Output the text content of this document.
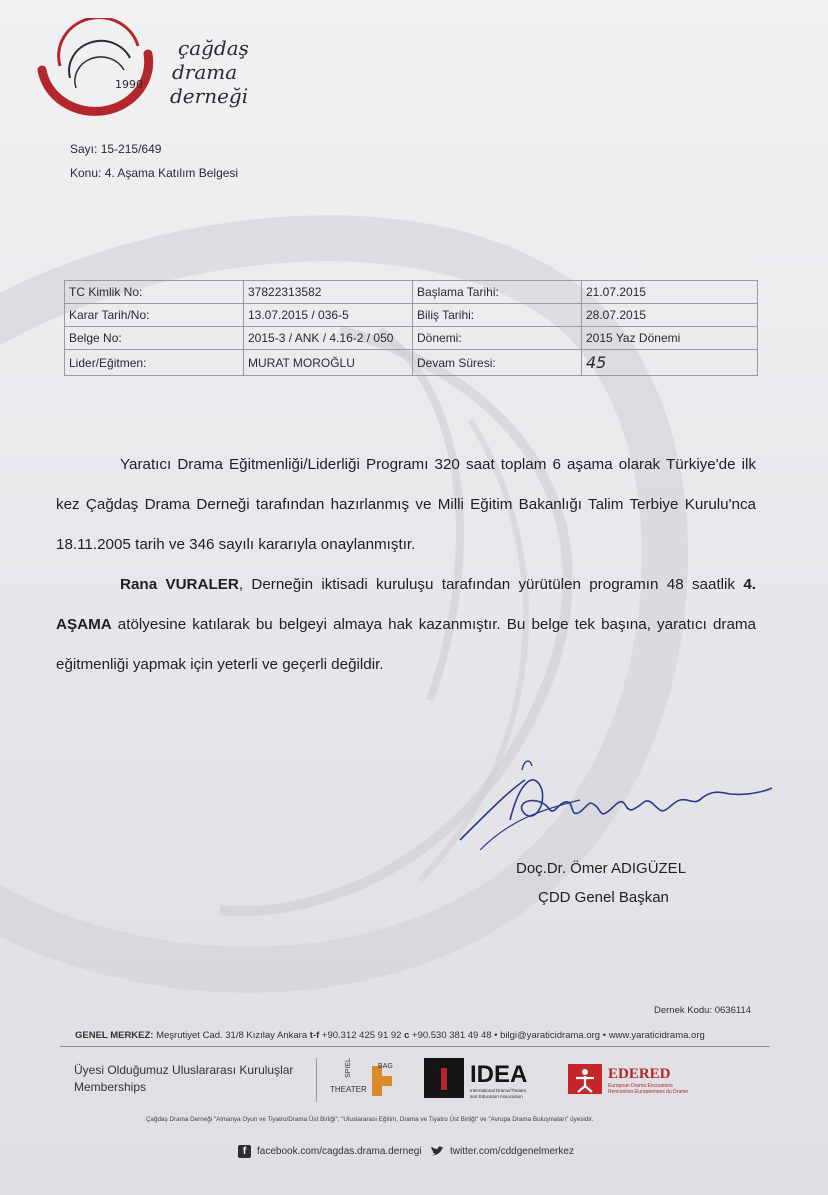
1990
çağdaş
drama
derneği
Sayı: 15-215/649
Konu: 4. Aşama Katılım Belgesi
TC Kimlik No:	37822313582	Başlama Tarihi:	21.07.2015
Karar Tarih/No:	13.07.2015 / 036-5	Biliş Tarihi:	28.07.2015
Belge No:	2015-3 / ANK / 4.16-2 / 050	Dönemi:	2015 Yaz Dönemi
Lider/Eğitmen:	MURAT MOROĞLU	Devam Süresi:	45
Yaratıcı Drama Eğitmenliği/Liderliği Programı 320 saat toplam 6 aşama olarak Türkiye'de ilk kez Çağdaş Drama Derneği tarafından hazırlanmış ve Milli Eğitim Bakanlığı Talim Terbiye Kurulu'nca 18.11.2005 tarih ve 346 sayılı kararıyla onaylanmıştır.
Rana VURALER, Derneğin iktisadi kuruluşu tarafından yürütülen programın 48 saatlik 4. AŞAMA atölyesine katılarak bu belgeyi almaya hak kazanmıştır. Bu belge tek başına, yaratıcı drama eğitmenliği yapmak için yeterli ve geçerli değildir.
Doç.Dr. Ömer ADIGÜZEL
ÇDD Genel Başkan
Dernek Kodu: 0636114
GENEL MERKEZ: Meşrutiyet Cad. 31/8 Kızılay Ankara t-f +90.312 425 91 92 c +90.530 381 49 48 • bilgi@yaraticidrama.org • www.yaraticidrama.org
Üyesi Olduğumuz Uluslararası Kuruluşlar
Memberships	THEATER
SPIEL	BAG	IDEA
International Drama/Theatre
and Education Association
EDERED
European Drama Encounters
Rencontres Européennes du Drame
Çağdaş Drama Derneği "Almanya Oyun ve Tiyatro/Drama Üst Birliği", "Uluslararası Eğitim, Drama ve Tiyatro Üst Birliği" ve "Avrupa Drama Buluşmaları" üyesidir.
f	facebook.com/cagdas.drama.dernegi	twitter.com/cddgenelmerkez
